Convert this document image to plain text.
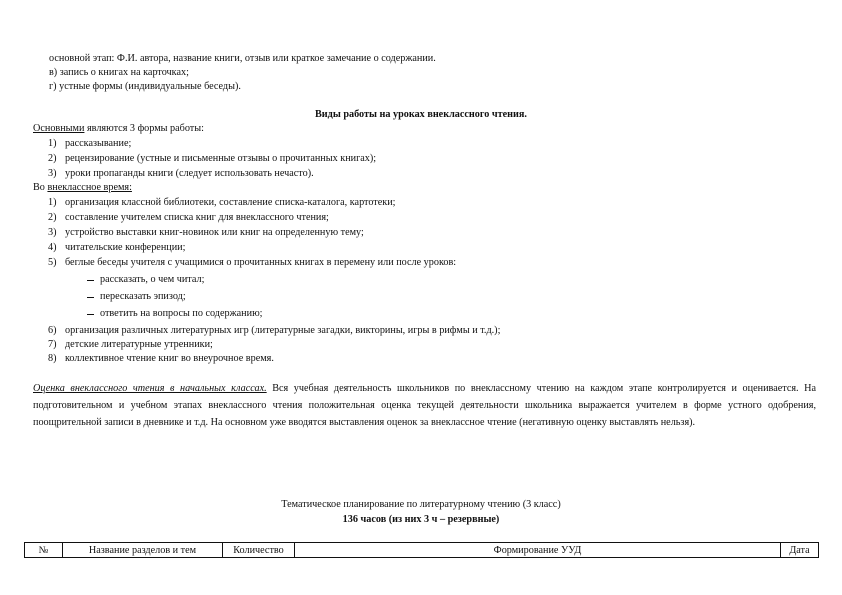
основной этап: Ф.И. автора, название книги, отзыв или краткое замечание о содержании.
в) запись о книгах на карточках;
г) устные формы (индивидуальные беседы).
Виды работы на уроках внеклассного чтения.
Основными являются 3 формы работы:
1) рассказывание;
2) рецензирование (устные и письменные отзывы о прочитанных книгах);
3) уроки пропаганды книги (следует использовать нечасто).
Во внеклассное время:
1) организация классной библиотеки, составление списка-каталога, картотеки;
2) составление учителем списка книг для внеклассного чтения;
3) устройство выставки книг-новинок или книг на определенную тему;
4) читательские конференции;
5) беглые беседы учителя с учащимися о прочитанных книгах в перемену или после уроков:
рассказать, о чем читал;
пересказать эпизод;
ответить на вопросы по содержанию;
6) организация различных литературных игр (литературные загадки, викторины, игры в рифмы и т.д.);
7) детские литературные утренники;
8) коллективное чтение книг во внеурочное время.
Оценка внеклассного чтения в начальных классах. Вся учебная деятельность школьников по внеклассному чтению на каждом этапе контролируется и оценивается. На подготовительном и учебном этапах внеклассного чтения положительная оценка текущей деятельности школьника выражается учителем в форме устного одобрения, поощрительной записи в дневнике и т.д. На основном уже вводятся выставления оценок за внеклассное чтение (негативную оценку выставлять нельзя).
Тематическое планирование по литературному чтению (3 класс)
136 часов (из них 3 ч – резервные)
№	Название разделов и тем	Количество	Формирование УУД	Дата
